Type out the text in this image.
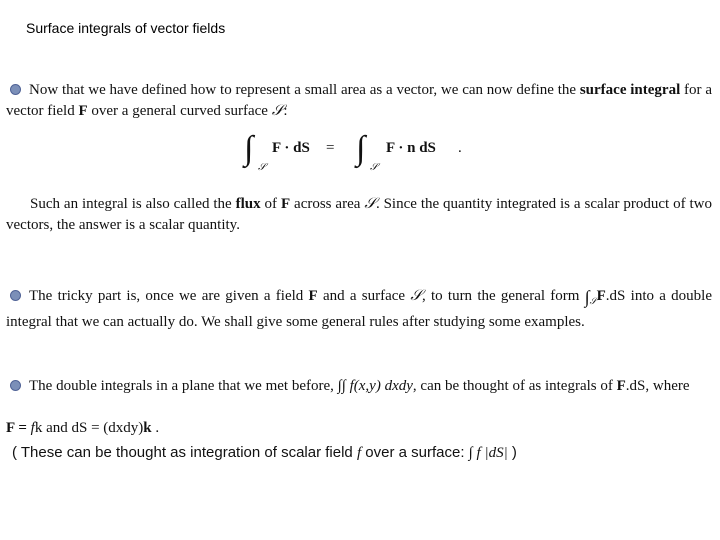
Surface integrals of vector fields
Now that we have defined how to represent a small area as a vector, we can now define the surface integral for a vector field F over a general curved surface 𝒮:
∫
𝒮
F · dS = ∫
𝒮
F · n dS .
Such an integral is also called the flux of F across area 𝒮. Since the quantity integrated is a scalar product of two vectors, the answer is a scalar quantity.
The tricky part is, once we are given a field F and a surface 𝒮, to turn the general form $\int_𝒮F.dS$ into a double integral that we can actually do. We shall give some general rules after studying some examples.
The double integrals in a plane that we met before, ∫∫ f(x,y) dxdy, can be thought of as integrals of F.dS, where
F = fk and dS = (dxdy)k .
( These can be thought as integration of scalar field f over a surface: ∫ f |dS| )
